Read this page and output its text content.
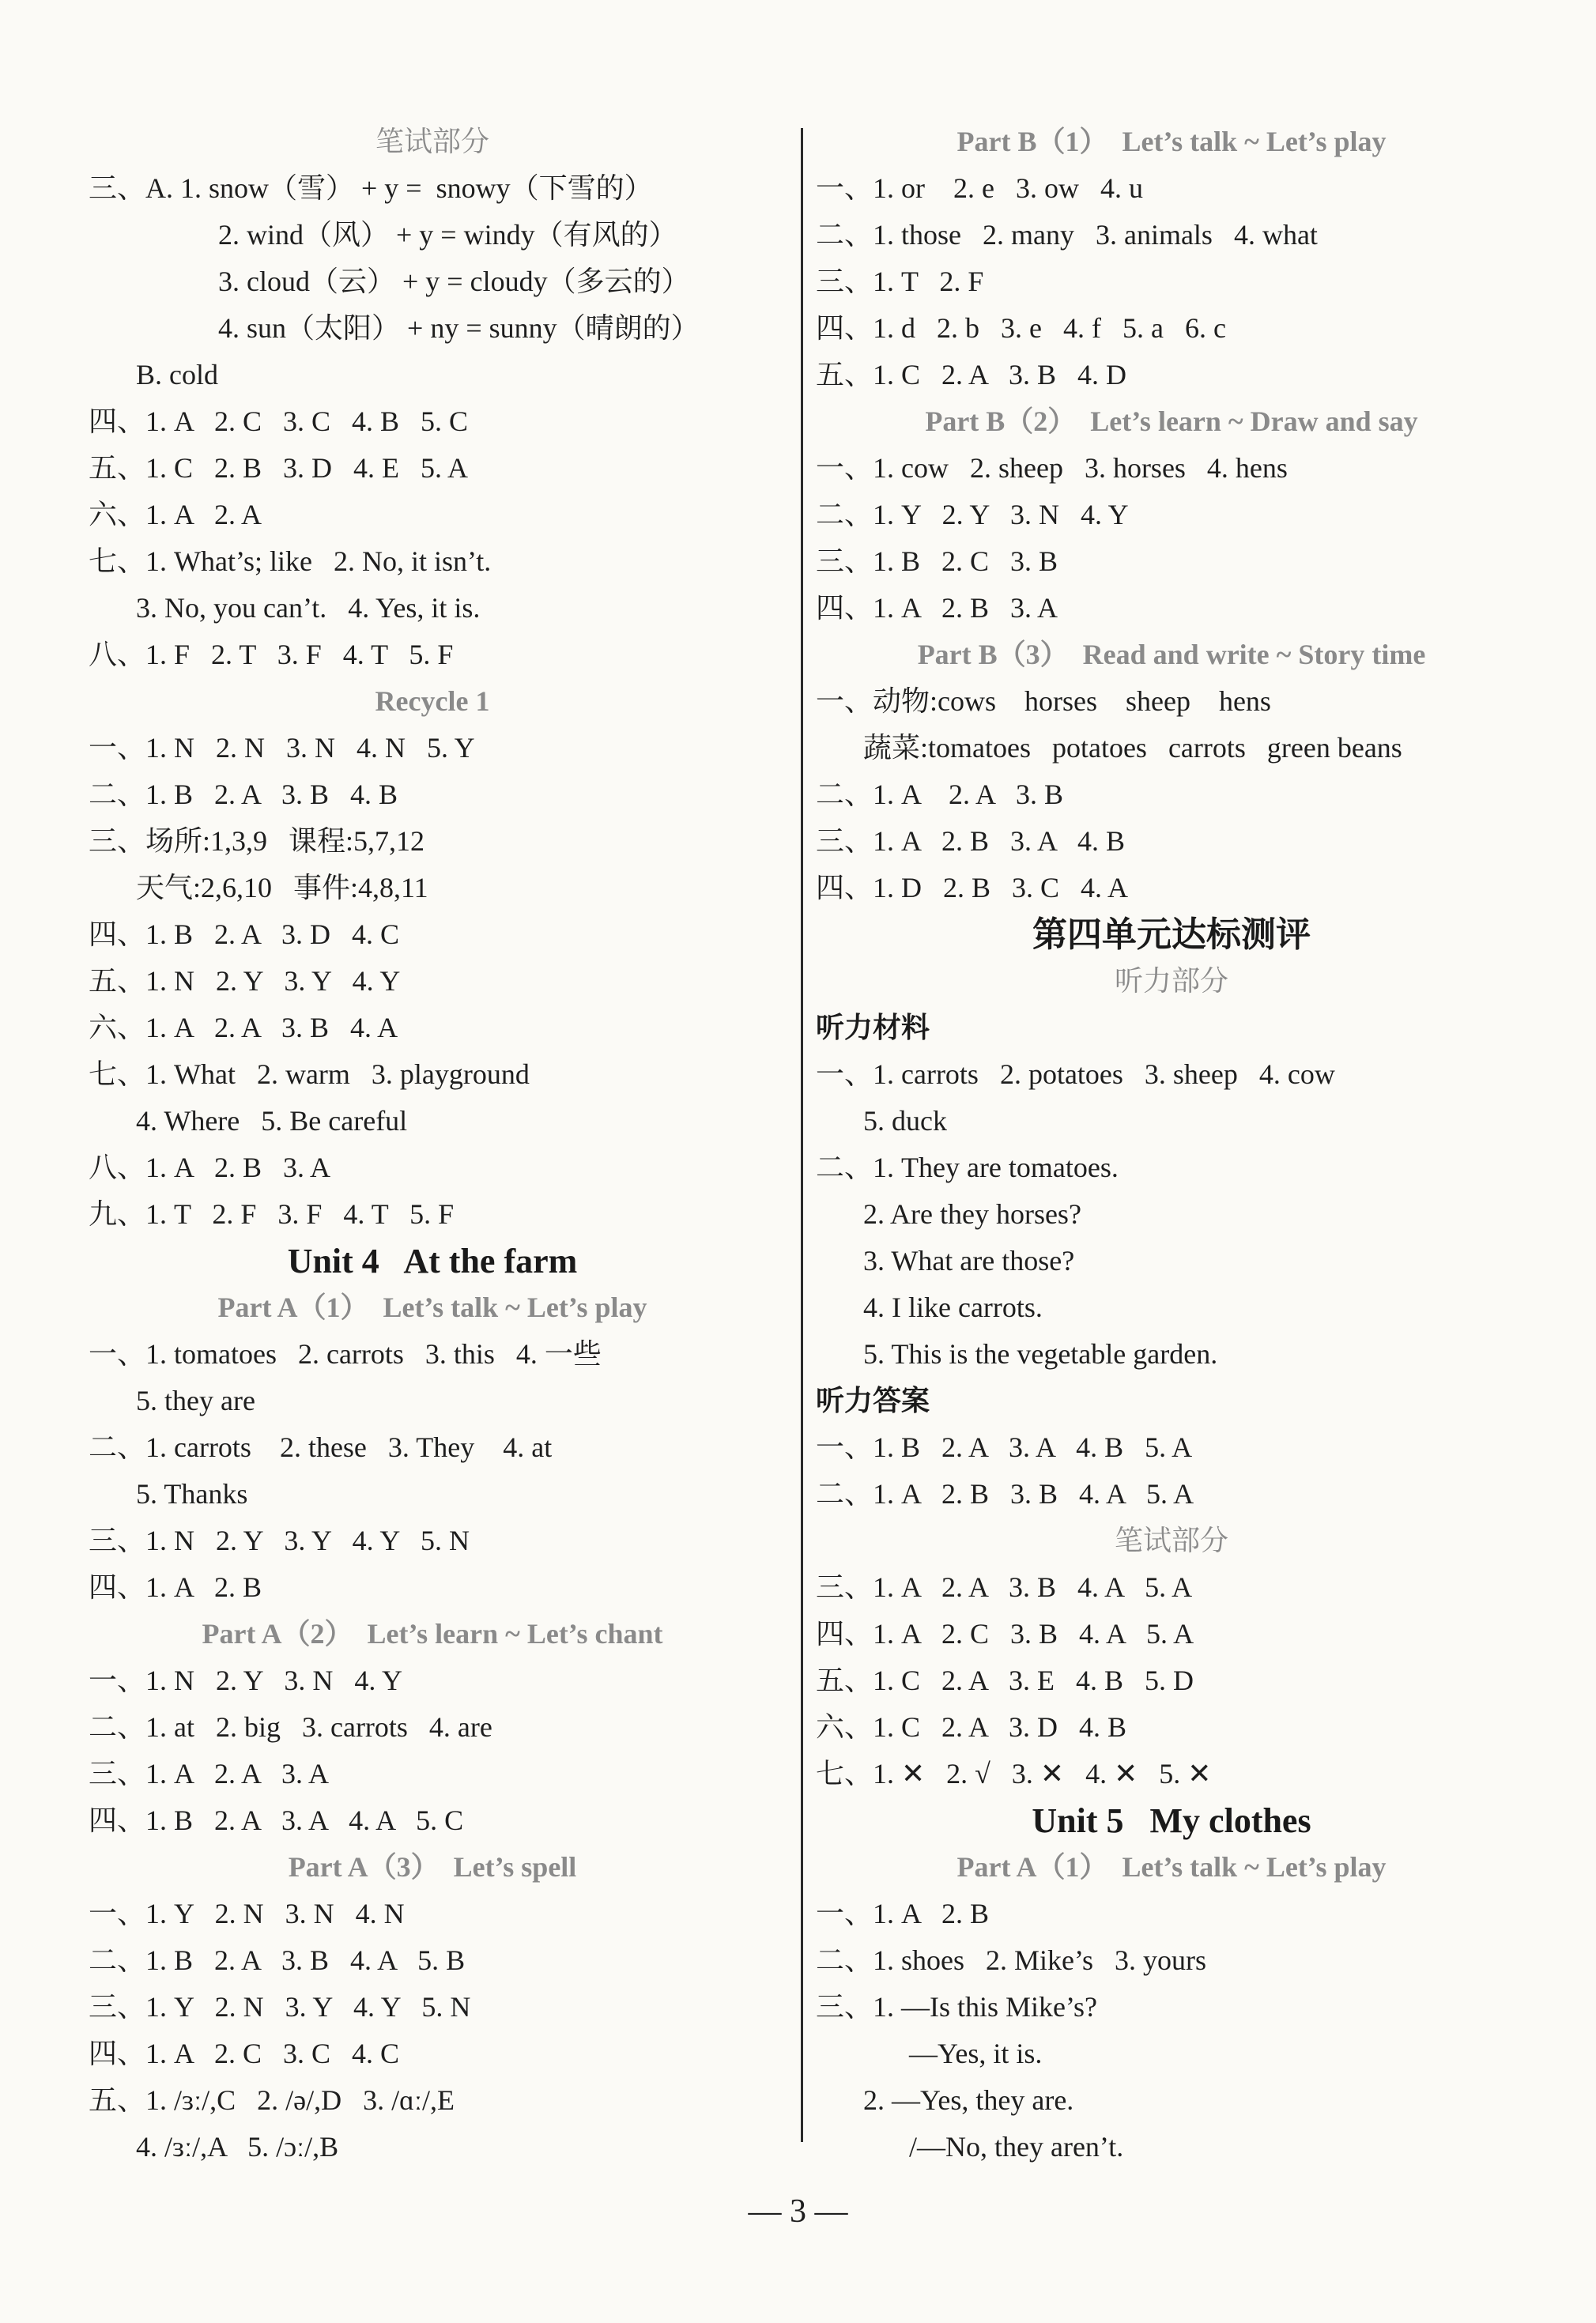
笔试部分
三、A. 1. snow（雪） + y =  snowy（下雪的）
2. wind（风） + y = windy（有风的）
3. cloud（云） + y = cloudy（多云的）
4. sun（太阳） + ny = sunny（晴朗的）
B. cold
四、1. A   2. C   3. C   4. B   5. C
五、1. C   2. B   3. D   4. E   5. A
六、1. A   2. A
七、1. What’s; like   2. No, it isn’t.
3. No, you can’t.   4. Yes, it is.
八、1. F   2. T   3. F   4. T   5. F
Recycle 1
一、1. N   2. N   3. N   4. N   5. Y
二、1. B   2. A   3. B   4. B
三、场所:1,3,9   课程:5,7,12
天气:2,6,10   事件:4,8,11
四、1. B   2. A   3. D   4. C
五、1. N   2. Y   3. Y   4. Y
六、1. A   2. A   3. B   4. A
七、1. What   2. warm   3. playground
4. Where   5. Be careful
八、1. A   2. B   3. A
九、1. T   2. F   3. F   4. T   5. F
Unit 4   At the farm
Part A（1）  Let’s talk ~ Let’s play
一、1. tomatoes   2. carrots   3. this   4. 一些
5. they are
二、1. carrots    2. these   3. They    4. at
5. Thanks
三、1. N   2. Y   3. Y   4. Y   5. N
四、1. A   2. B
Part A（2）  Let’s learn ~ Let’s chant
一、1. N   2. Y   3. N   4. Y
二、1. at   2. big   3. carrots   4. are
三、1. A   2. A   3. A
四、1. B   2. A   3. A   4. A   5. C
Part A（3）  Let’s spell
一、1. Y   2. N   3. N   4. N
二、1. B   2. A   3. B   4. A   5. B
三、1. Y   2. N   3. Y   4. Y   5. N
四、1. A   2. C   3. C   4. C
五、1. /ɜː/,C   2. /ə/,D   3. /ɑː/,E
4. /ɜː/,A   5. /ɔː/,B
Part B（1）  Let’s talk ~ Let’s play
一、1. or    2. e   3. ow   4. u
二、1. those   2. many   3. animals   4. what
三、1. T   2. F
四、1. d   2. b   3. e   4. f   5. a   6. c
五、1. C   2. A   3. B   4. D
Part B（2）  Let’s learn ~ Draw and say
一、1. cow   2. sheep   3. horses   4. hens
二、1. Y   2. Y   3. N   4. Y
三、1. B   2. C   3. B
四、1. A   2. B   3. A
Part B（3）  Read and write ~ Story time
一、动物:cows    horses    sheep    hens
蔬菜:tomatoes   potatoes   carrots   green beans
二、1. A    2. A   3. B
三、1. A   2. B   3. A   4. B
四、1. D   2. B   3. C   4. A
第四单元达标测评
听力部分
听力材料
一、1. carrots   2. potatoes   3. sheep   4. cow
5. duck
二、1. They are tomatoes.
2. Are they horses?
3. What are those?
4. I like carrots.
5. This is the vegetable garden.
听力答案
一、1. B   2. A   3. A   4. B   5. A
二、1. A   2. B   3. B   4. A   5. A
笔试部分
三、1. A   2. A   3. B   4. A   5. A
四、1. A   2. C   3. B   4. A   5. A
五、1. C   2. A   3. E   4. B   5. D
六、1. C   2. A   3. D   4. B
七、1. ✕   2. √   3. ✕   4. ✕   5. ✕
Unit 5   My clothes
Part A（1）  Let’s talk ~ Let’s play
一、1. A   2. B
二、1. shoes   2. Mike’s   3. yours
三、1. —Is this Mike’s?
—Yes, it is.
2. —Yes, they are.
/—No, they aren’t.
— 3 —
